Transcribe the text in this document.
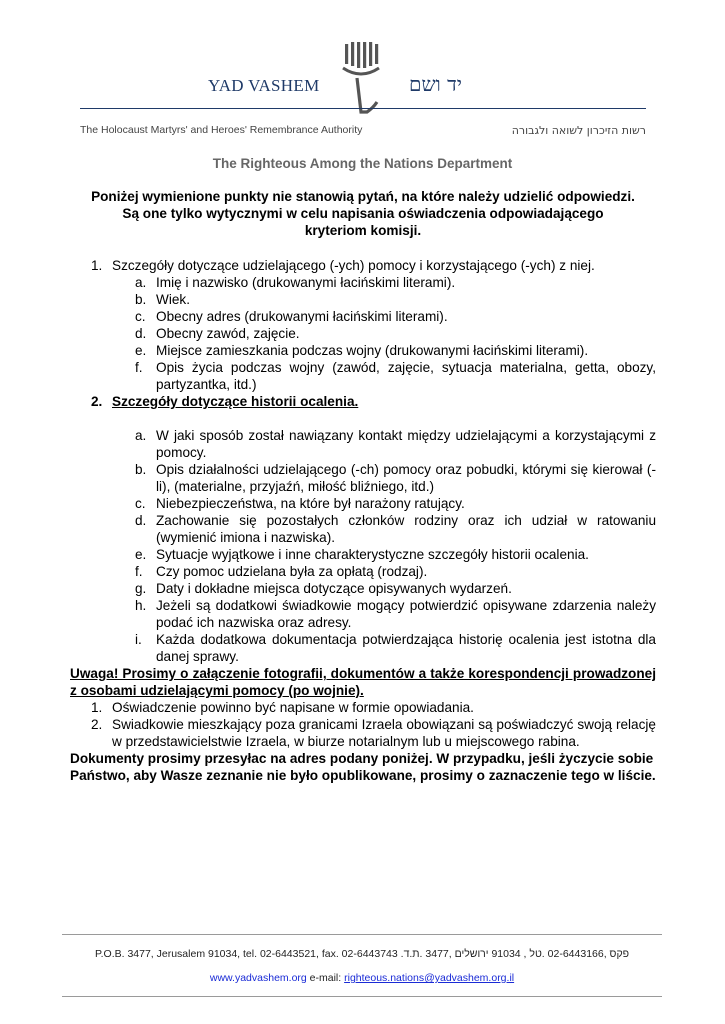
YAD VASHEM	יד ושם
The Holocaust Martyrs' and Heroes' Remembrance Authority	רשות הזיכרון לשואה ולגבורה
The Righteous Among the Nations Department
Poniżej wymienione punkty nie stanowią pytań, na które należy udzielić odpowiedzi.
Są one tylko wytycznymi w celu napisania oświadczenia odpowiadającego
kryteriom komisji.
1. Szczegóły dotyczące udzielającego (-ych) pomocy i korzystającego (-ych) z niej.
a. Imię i nazwisko (drukowanymi łacińskimi literami).
b. Wiek.
c. Obecny adres (drukowanymi łacińskimi literami).
d. Obecny zawód, zajęcie.
e. Miejsce zamieszkania podczas wojny (drukowanymi łacińskimi literami).
f. Opis życia podczas wojny (zawód, zajęcie, sytuacja materialna, getta, obozy, partyzantka, itd.)
2. Szczegóły dotyczące historii ocalenia.
a. W jaki sposób został nawiązany kontakt między udzielającymi a korzystającymi z pomocy.
b. Opis działalności udzielającego (-ch) pomocy oraz pobudki, którymi się kierował (-li), (materialne, przyjaźń, miłość bliźniego, itd.)
c. Niebezpieczeństwa, na które był narażony ratujący.
d. Zachowanie się pozostałych członków rodziny oraz ich udział w ratowaniu (wymienić imiona i nazwiska).
e. Sytuacje wyjątkowe i inne charakterystyczne szczegóły historii ocalenia.
f. Czy pomoc udzielana była za opłatą (rodzaj).
g. Daty i dokładne miejsca dotyczące opisywanych wydarzeń.
h. Jeżeli są dodatkowi świadkowie mogący potwierdzić opisywane zdarzenia należy podać ich nazwiska oraz adresy.
i. Każda dodatkowa dokumentacja potwierdzająca historię ocalenia jest istotna dla danej sprawy.
Uwaga! Prosimy o załączenie fotografii, dokumentów a także korespondencji prowadzonej z osobami udzielającymi pomocy (po wojnie).
1. Oświadczenie powinno być napisane w formie opowiadania.
2. Swiadkowie mieszkający poza granicami Izraela obowiązani są poświadczyć swoją relację w przedstawicielstwie Izraela, w biurze notarialnym lub u miejscowego rabina.
Dokumenty prosimy przesyłac na adres podany poniżej. W przypadku, jeśli życzycie sobie Państwo, aby Wasze zeznanie nie było opublikowane, prosimy o zaznaczenie tego w liście.
P.O.B. 3477, Jerusalem 91034, tel. 02-6443521, fax. 02-6443743 .פקס ,02-6443166 .טל , 91034 ירושלים ,3477 .ת.ד
www.yadvashem.org e-mail: righteous.nations@yadvashem.org.il
